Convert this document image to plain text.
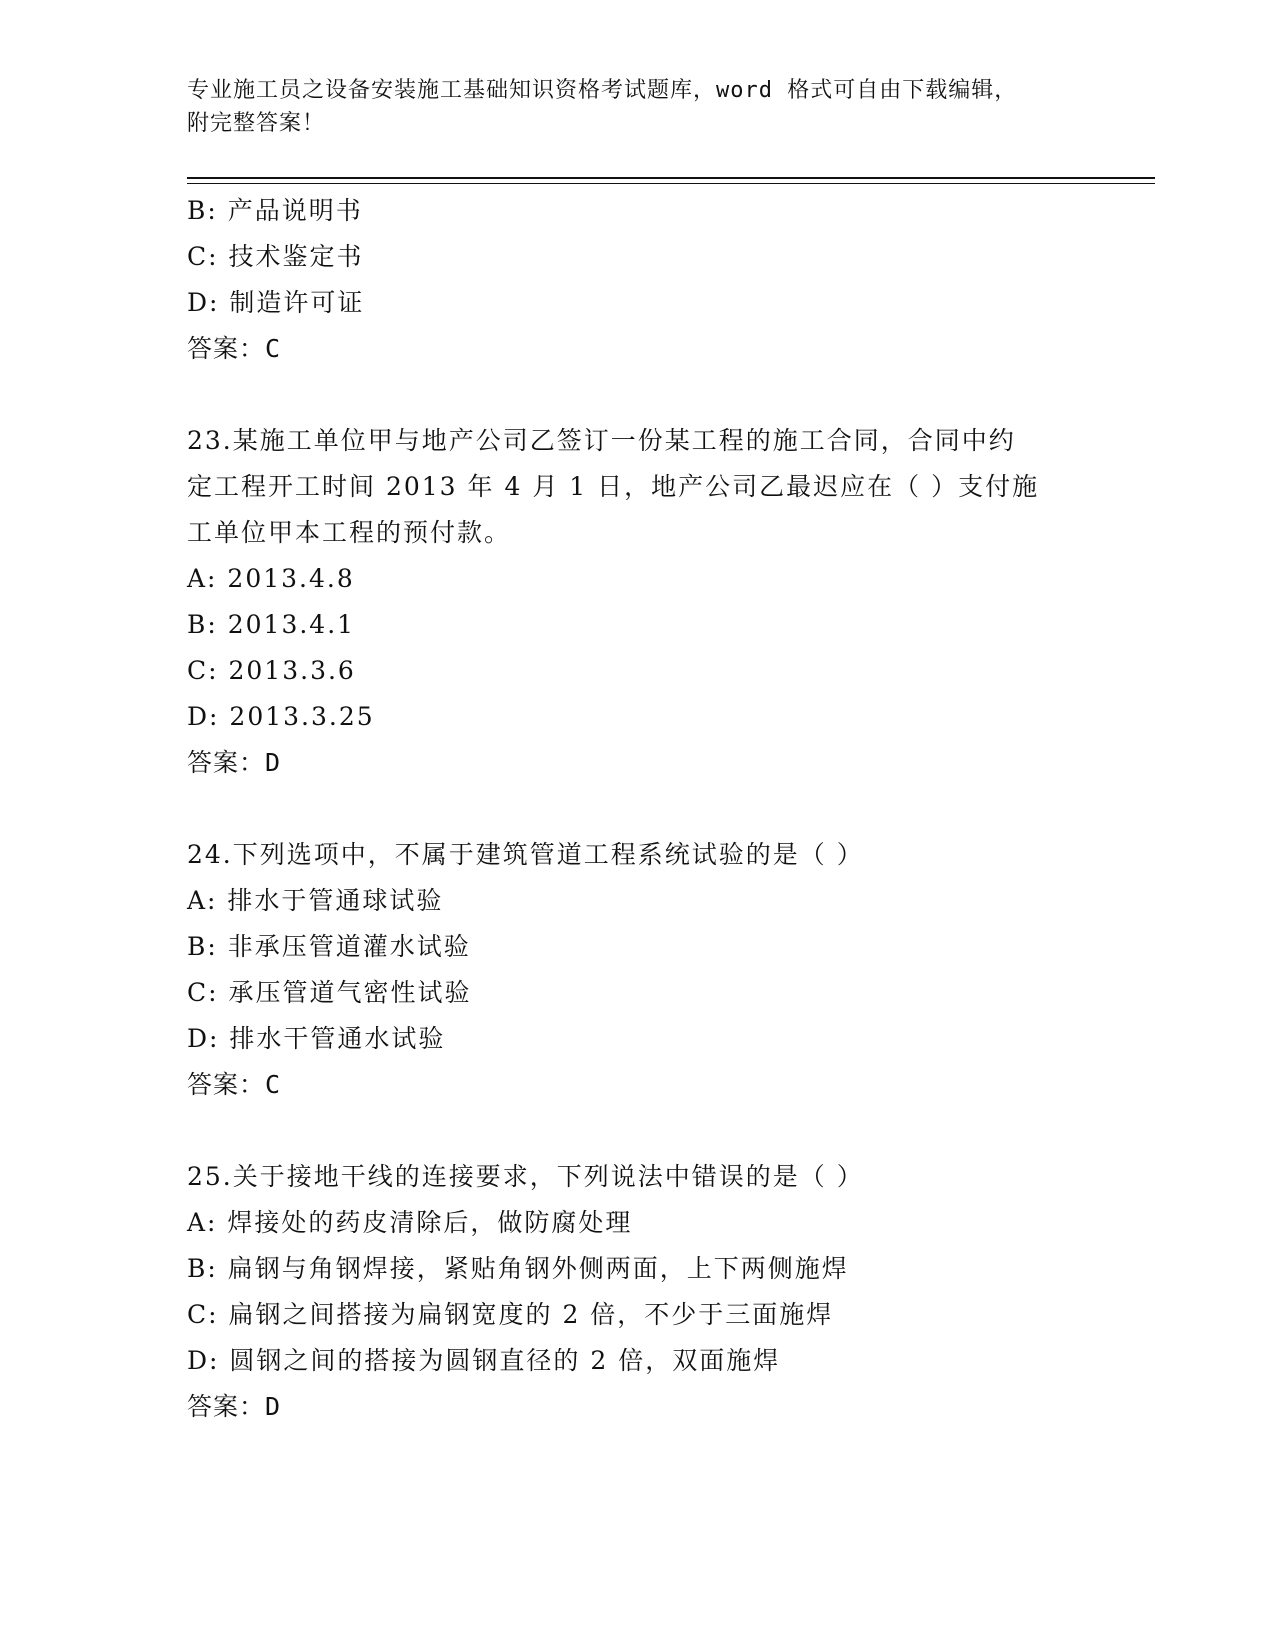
专业施工员之设备安装施工基础知识资格考试题库，word 格式可自由下载编辑，
附完整答案！
B: 产品说明书
C: 技术鉴定书
D: 制造许可证
答案：C
23.某施工单位甲与地产公司乙签订一份某工程的施工合同，合同中约
定工程开工时间 2013 年 4 月 1 日，地产公司乙最迟应在（ ）支付施
工单位甲本工程的预付款。
A: 2013.4.8
B: 2013.4.1
C: 2013.3.6
D: 2013.3.25
答案：D
24.下列选项中，不属于建筑管道工程系统试验的是（ ）
A: 排水于管通球试验
B: 非承压管道灌水试验
C: 承压管道气密性试验
D: 排水干管通水试验
答案：C
25.关于接地干线的连接要求，下列说法中错误的是（ ）
A: 焊接处的药皮清除后，做防腐处理
B: 扁钢与角钢焊接，紧贴角钢外侧两面，上下两侧施焊
C: 扁钢之间搭接为扁钢宽度的 2 倍，不少于三面施焊
D: 圆钢之间的搭接为圆钢直径的 2 倍，双面施焊
答案：D
